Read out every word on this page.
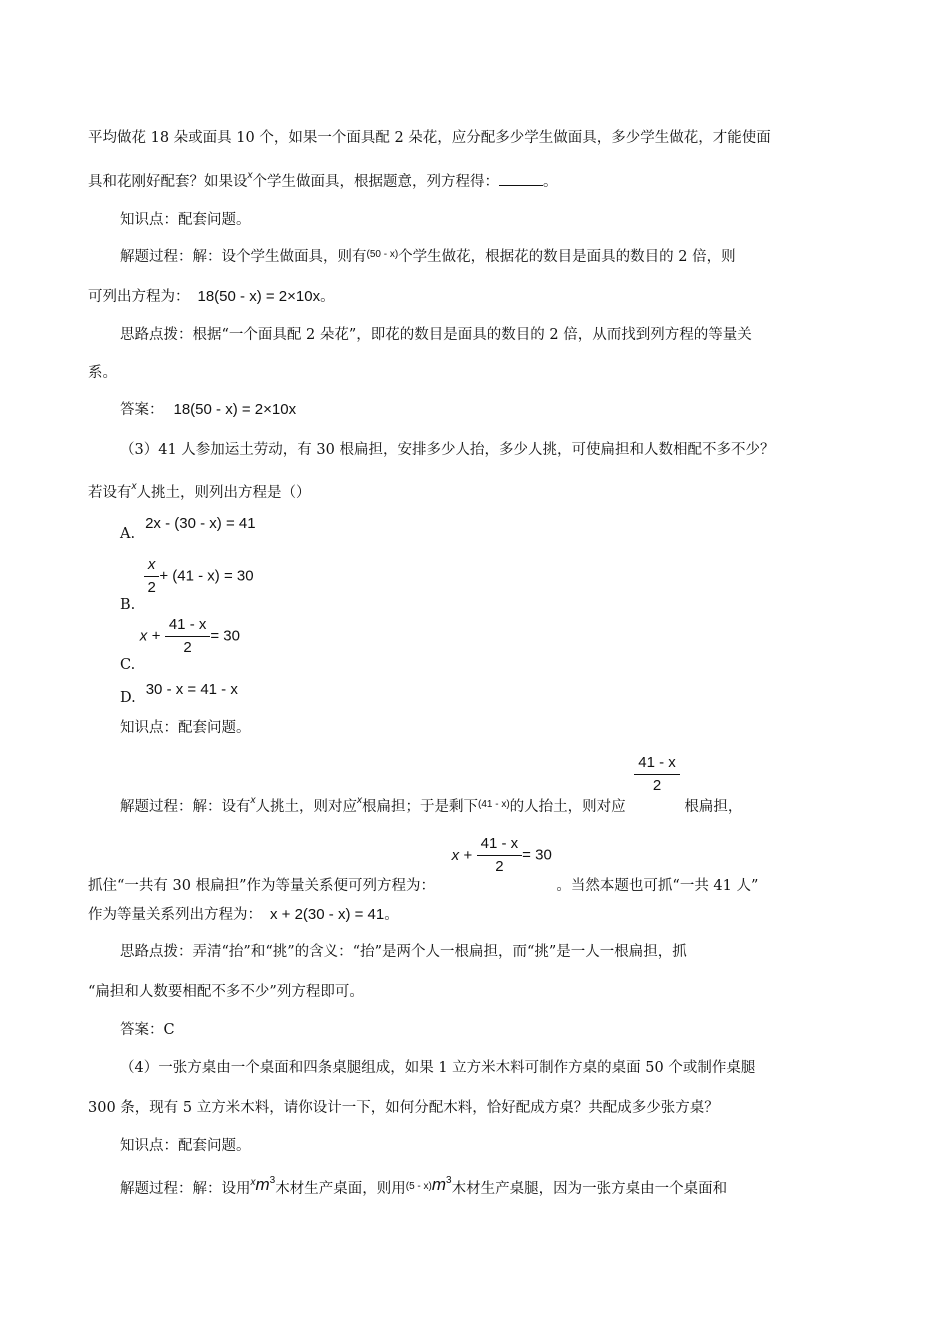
平均做花 18 朵或面具 10 个，如果一个面具配 2 朵花，应分配多少学生做面具，多少学生做花，才能使面
具和花刚好配套？如果设$^x$个学生做面具，根据题意，列方程得：	。
知识点：配套问题。
解题过程：解：设个学生做面具，则有$^{(50 - x)}$个学生做花，根据花的数目是面具的数目的 2 倍，则
可列出方程为： 18(50 - x) = 2×10x。
思路点拨：根据“一个面具配 2 朵花”，即花的数目是面具的数目的 2 倍，从而找到列方程的等量关
系。
答案： 18(50 - x) = 2×10x
（3）41 人参加运土劳动，有 30 根扁担，安排多少人抬，多少人挑，可使扁担和人数相配不多不少？
若设有$^x$人挑土，则列出方程是（）
A.2x - (30 - x) = 41
B.
$\frac{x}{2} + (41 - x) = 30$
C. $x + \frac{41 - x}{2} = 30$
D. 30 - x = 41 - x
知识点：配套问题。
解题过程：解：设有$^x$人挑土，则对应$^x$根扁担；于是剩下$^{(41 - x)}$的人抬土，则对应
$\frac{41 - x}{2}$
根扁担，
抓住“一共有 30 根扁担”作为等量关系便可列方程为： $x + \frac{41 - x}{2} = 30$ 。当然本题也可抓“一共 41 人”
作为等量关系列出方程为： x + 2(30 - x) = 41。
思路点拨：弄清“抬”和“挑”的含义：“抬”是两个人一根扁担，而“挑”是一人一根扁担，抓
“扁担和人数要相配不多不少”列方程即可。
答案：C
（4）一张方桌由一个桌面和四条桌腿组成，如果 1 立方米木料可制作方桌的桌面 50 个或制作桌腿
300 条，现有 5 立方米木料，请你设计一下，如何分配木料，恰好配成方桌？共配成多少张方桌？
知识点：配套问题。
解题过程：解：设用$^xm^3$木材生产桌面，则用$^{(5 - x)}m^3$木材生产桌腿，因为一张方桌由一个桌面和
